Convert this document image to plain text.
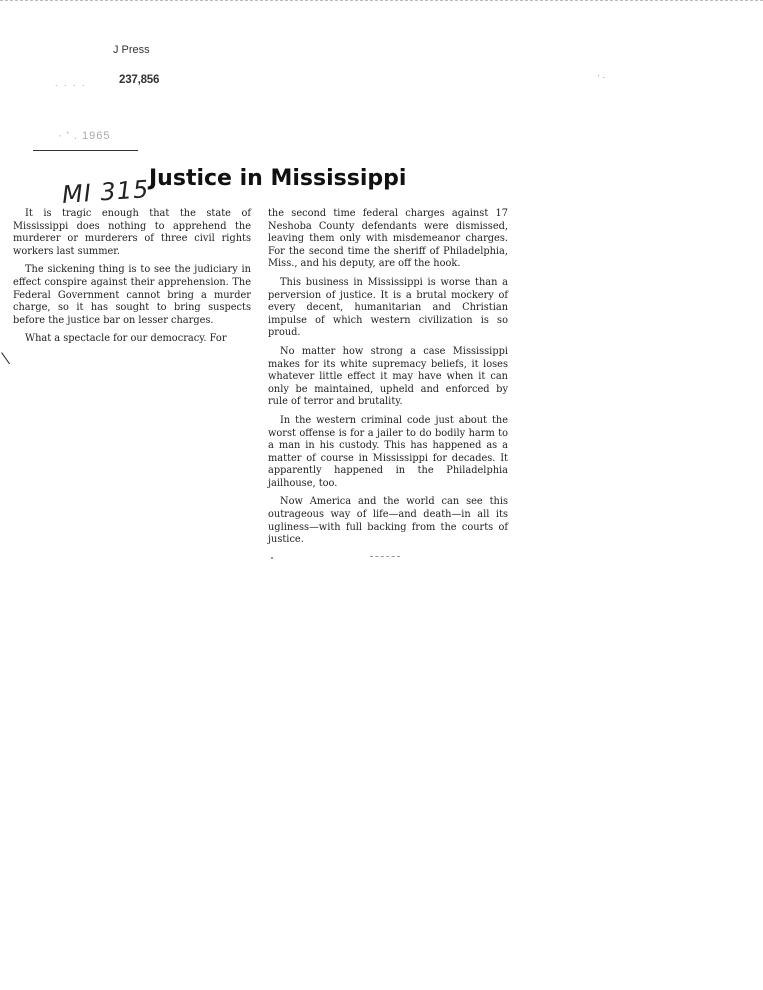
J Press
. . . .	237,856
· ' . 1965
· .
MI 315
Justice in Mississippi

It is tragic enough that the state of Mississippi does nothing to apprehend the murderer or murderers of three civil rights workers last summer.

The sickening thing is to see the judiciary in effect conspire against their apprehension. The Federal Government cannot bring a murder charge, so it has sought to bring suspects before the justice bar on lesser charges.

What a spectacle for our democracy. For

the second time federal charges against 17 Neshoba County defendants were dismissed, leaving them only with misdemeanor charges. For the second time the sheriff of Philadelphia, Miss., and his deputy, are off the hook.

This business in Mississippi is worse than a perversion of justice. It is a brutal mockery of every decent, humanitarian and Christian impulse of which western civilization is so proud.

No matter how strong a case Mississippi makes for its white supremacy beliefs, it loses whatever little effect it may have when it can only be maintained, upheld and enforced by rule of terror and brutality.

In the western criminal code just about the worst offense is for a jailer to do bodily harm to a man in his custody. This has happened as a matter of course in Mississippi for decades. It apparently happened in the Philadelphia jailhouse, too.

Now America and the world can see this outrageous way of life—and death—in all its ugliness—with full backing from the courts of justice.
